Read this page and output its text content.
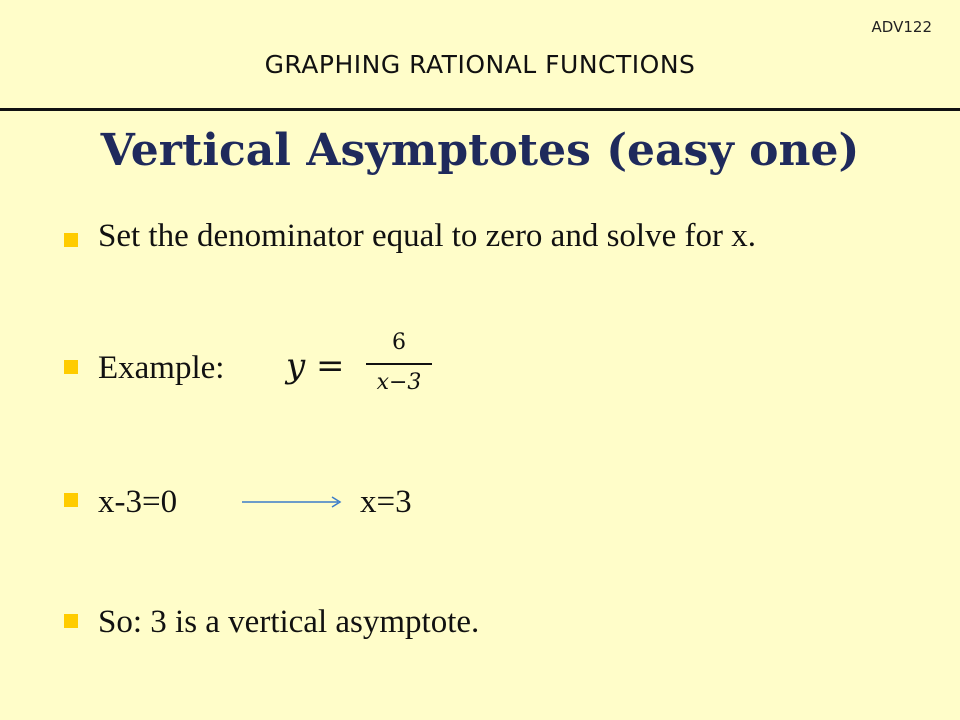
ADV122
GRAPHING RATIONAL FUNCTIONS
Vertical Asymptotes (easy one)
Set the denominator equal to zero and solve for x.
Example: y =
6
x−3
x-3=0	x=3
So: 3 is a vertical asymptote.
